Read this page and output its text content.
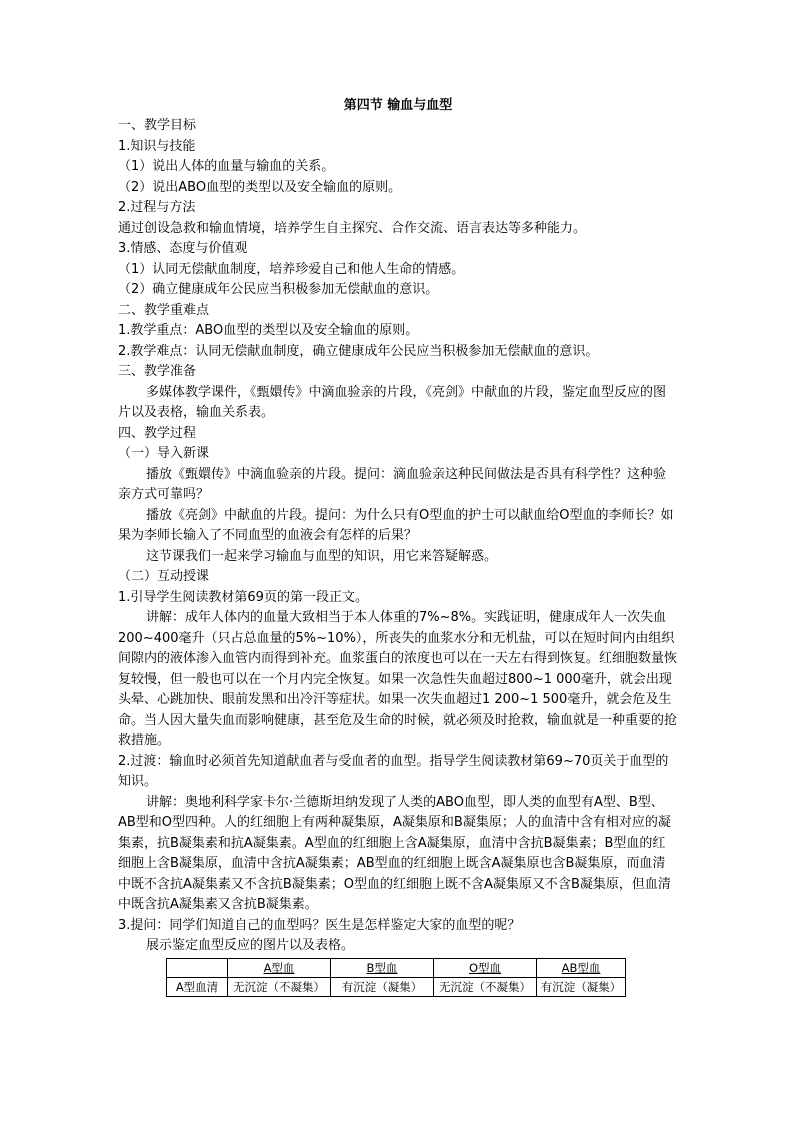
第四节 输血与血型

一、教学目标

1.知识与技能

（1）说出人体的血量与输血的关系。

（2）说出ABO血型的类型以及安全输血的原则。

2.过程与方法

通过创设急救和输血情境，培养学生自主探究、合作交流、语言表达等多种能力。

3.情感、态度与价值观

（1）认同无偿献血制度，培养珍爱自己和他人生命的情感。

（2）确立健康成年公民应当积极参加无偿献血的意识。

二、教学重难点

1.教学重点：ABO血型的类型以及安全输血的原则。

2.教学难点：认同无偿献血制度，确立健康成年公民应当积极参加无偿献血的意识。

三、教学准备

多媒体教学课件，《甄嬛传》中滴血验亲的片段，《亮剑》中献血的片段，鉴定血型反应的图片以及表格，输血关系表。

四、教学过程

（一）导入新课

播放《甄嬛传》中滴血验亲的片段。提问：滴血验亲这种民间做法是否具有科学性？这种验亲方式可靠吗？

播放《亮剑》中献血的片段。提问：为什么只有O型血的护士可以献血给O型血的李师长？如果为李师长输入了不同血型的血液会有怎样的后果？

这节课我们一起来学习输血与血型的知识，用它来答疑解惑。

（二）互动授课

1.引导学生阅读教材第69页的第一段正文。

讲解：成年人体内的血量大致相当于本人体重的7%~8%。实践证明，健康成年人一次失血200~400毫升（只占总血量的5%~10%），所丧失的血浆水分和无机盐，可以在短时间内由组织间隙内的液体渗入血管内而得到补充。血浆蛋白的浓度也可以在一天左右得到恢复。红细胞数量恢复较慢，但一般也可以在一个月内完全恢复。如果一次急性失血超过800~1 000毫升，就会出现头晕、心跳加快、眼前发黑和出冷汗等症状。如果一次失血超过1 200~1 500毫升，就会危及生命。当人因大量失血而影响健康，甚至危及生命的时候，就必须及时抢救，输血就是一种重要的抢救措施。

2.过渡：输血时必须首先知道献血者与受血者的血型。指导学生阅读教材第69~70页关于血型的知识。

讲解：奥地利科学家卡尔·兰德斯坦纳发现了人类的ABO血型，即人类的血型有A型、B型、AB型和O型四种。人的红细胞上有两种凝集原，A凝集原和B凝集原；人的血清中含有相对应的凝集素，抗B凝集素和抗A凝集素。A型血的红细胞上含A凝集原，血清中含抗B凝集素；B型血的红细胞上含B凝集原，血清中含抗A凝集素；AB型血的红细胞上既含A凝集原也含B凝集原，而血清中既不含抗A凝集素又不含抗B凝集素；O型血的红细胞上既不含A凝集原又不含B凝集原，但血清中既含抗A凝集素又含抗B凝集素。

3.提问：同学们知道自己的血型吗？医生是怎样鉴定大家的血型的呢？

展示鉴定血型反应的图片以及表格。

	A型血	B型血	O型血	AB型血
A型血清	无沉淀（不凝集）	有沉淀（凝集）	无沉淀（不凝集）	有沉淀（凝集）
